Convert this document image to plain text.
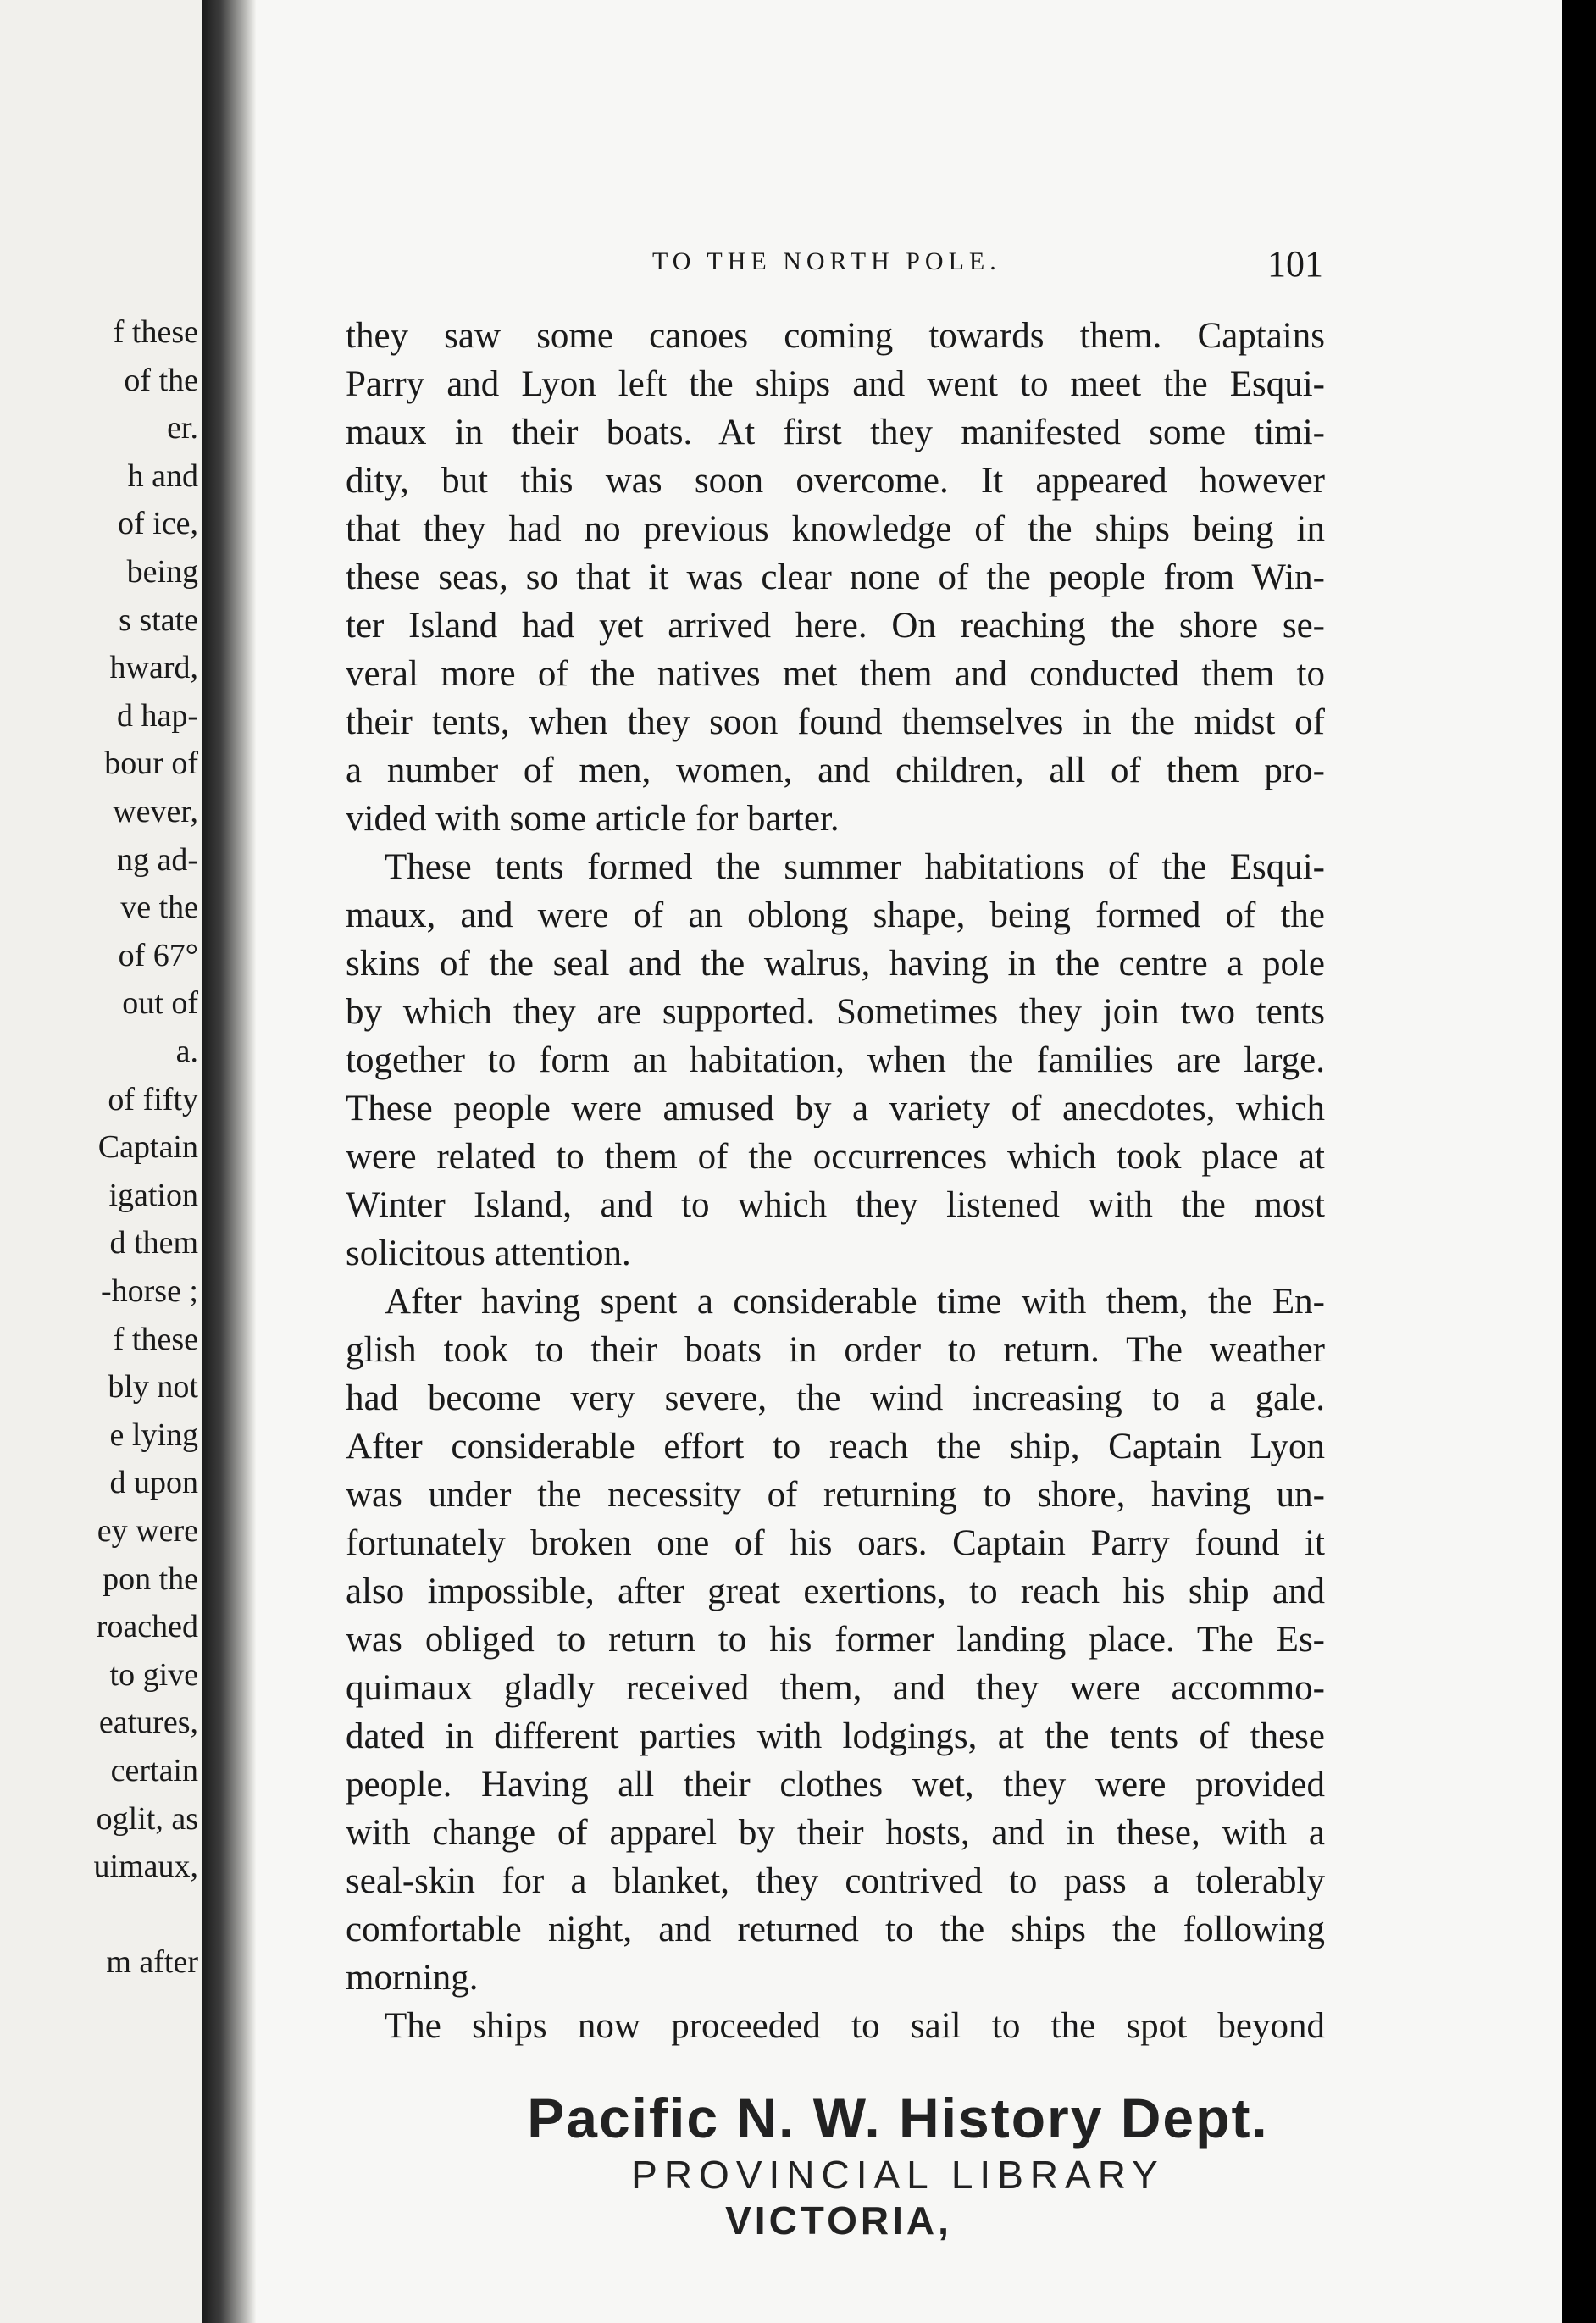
f these
of the
er.
h and
of ice,
being
s state
hward,
d hap-
bour of
wever,
ng ad-
ve the
of 67°
out of
a.
of fifty
Captain
igation
d them
-horse ;
f these
bly not
e lying
d upon
ey were
pon the
roached
to give
eatures,
certain
oglit, as
uimaux,
m after
TO THE NORTH POLE.	101
they saw some canoes coming towards them. Captains
Parry and Lyon left the ships and went to meet the Esqui-
maux in their boats. At first they manifested some timi-
dity, but this was soon overcome. It appeared however
that they had no previous knowledge of the ships being in
these seas, so that it was clear none of the people from Win-
ter Island had yet arrived here. On reaching the shore se-
veral more of the natives met them and conducted them to
their tents, when they soon found themselves in the midst of
a number of men, women, and children, all of them pro-
vided with some article for barter.
These tents formed the summer habitations of the Esqui-
maux, and were of an oblong shape, being formed of the
skins of the seal and the walrus, having in the centre a pole
by which they are supported. Sometimes they join two tents
together to form an habitation, when the families are large.
These people were amused by a variety of anecdotes, which
were related to them of the occurrences which took place at
Winter Island, and to which they listened with the most
solicitous attention.
After having spent a considerable time with them, the En-
glish took to their boats in order to return. The weather
had become very severe, the wind increasing to a gale.
After considerable effort to reach the ship, Captain Lyon
was under the necessity of returning to shore, having un-
fortunately broken one of his oars. Captain Parry found it
also impossible, after great exertions, to reach his ship and
was obliged to return to his former landing place. The Es-
quimaux gladly received them, and they were accommo-
dated in different parties with lodgings, at the tents of these
people. Having all their clothes wet, they were provided
with change of apparel by their hosts, and in these, with a
seal-skin for a blanket, they contrived to pass a tolerably
comfortable night, and returned to the ships the following
morning.
The ships now proceeded to sail to the spot beyond
Pacific N. W. History Dept.
PROVINCIAL LIBRARY
VICTORIA,
